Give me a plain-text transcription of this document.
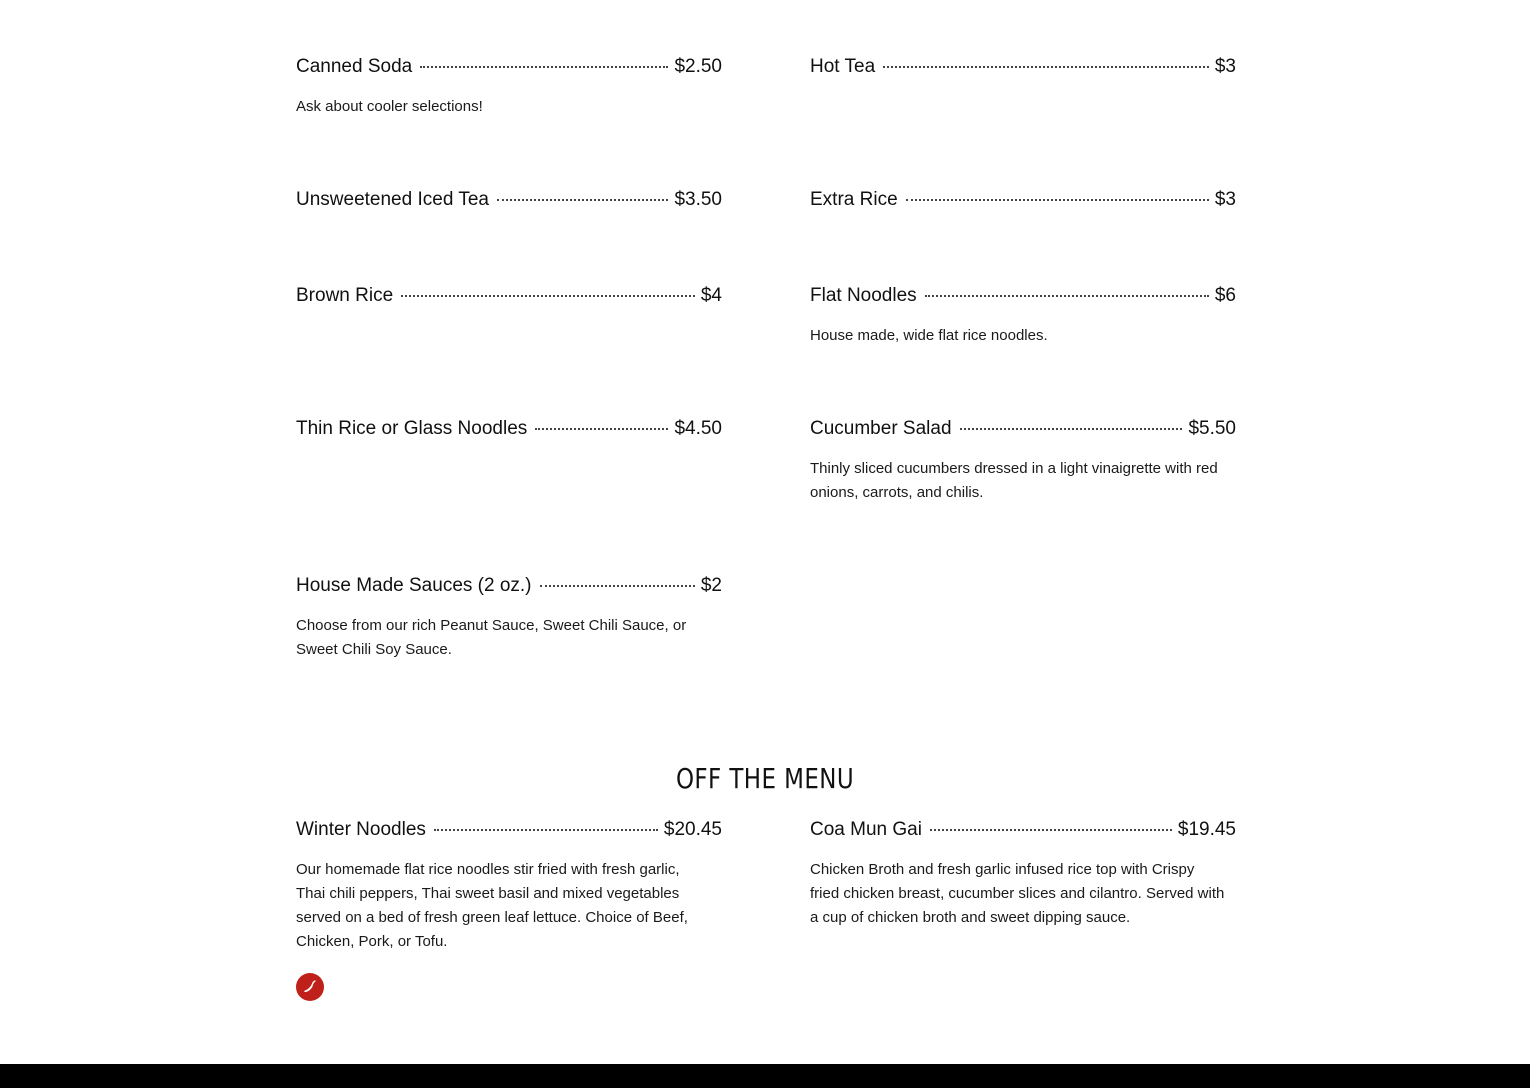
Canned Soda	$2.50
Ask about cooler selections!
Unsweetened Iced Tea	$3.50
Brown Rice	$4
Thin Rice or Glass Noodles	$4.50
House Made Sauces (2 oz.)	$2
Choose from our rich Peanut Sauce, Sweet Chili Sauce, or Sweet Chili Soy Sauce.
Hot Tea	$3
Extra Rice	$3
Flat Noodles	$6
House made, wide flat rice noodles.
Cucumber Salad	$5.50
Thinly sliced cucumbers dressed in a light vinaigrette with red onions, carrots, and chilis.
OFF THE MENU
Winter Noodles	$20.45
Our homemade flat rice noodles stir fried with fresh garlic, Thai chili peppers, Thai sweet basil and mixed vegetables served on a bed of fresh green leaf lettuce. Choice of Beef, Chicken, Pork, or Tofu.
Coa Mun Gai	$19.45
Chicken Broth and fresh garlic infused rice top with Crispy fried chicken breast, cucumber slices and cilantro. Served with a cup of chicken broth and sweet dipping sauce.
